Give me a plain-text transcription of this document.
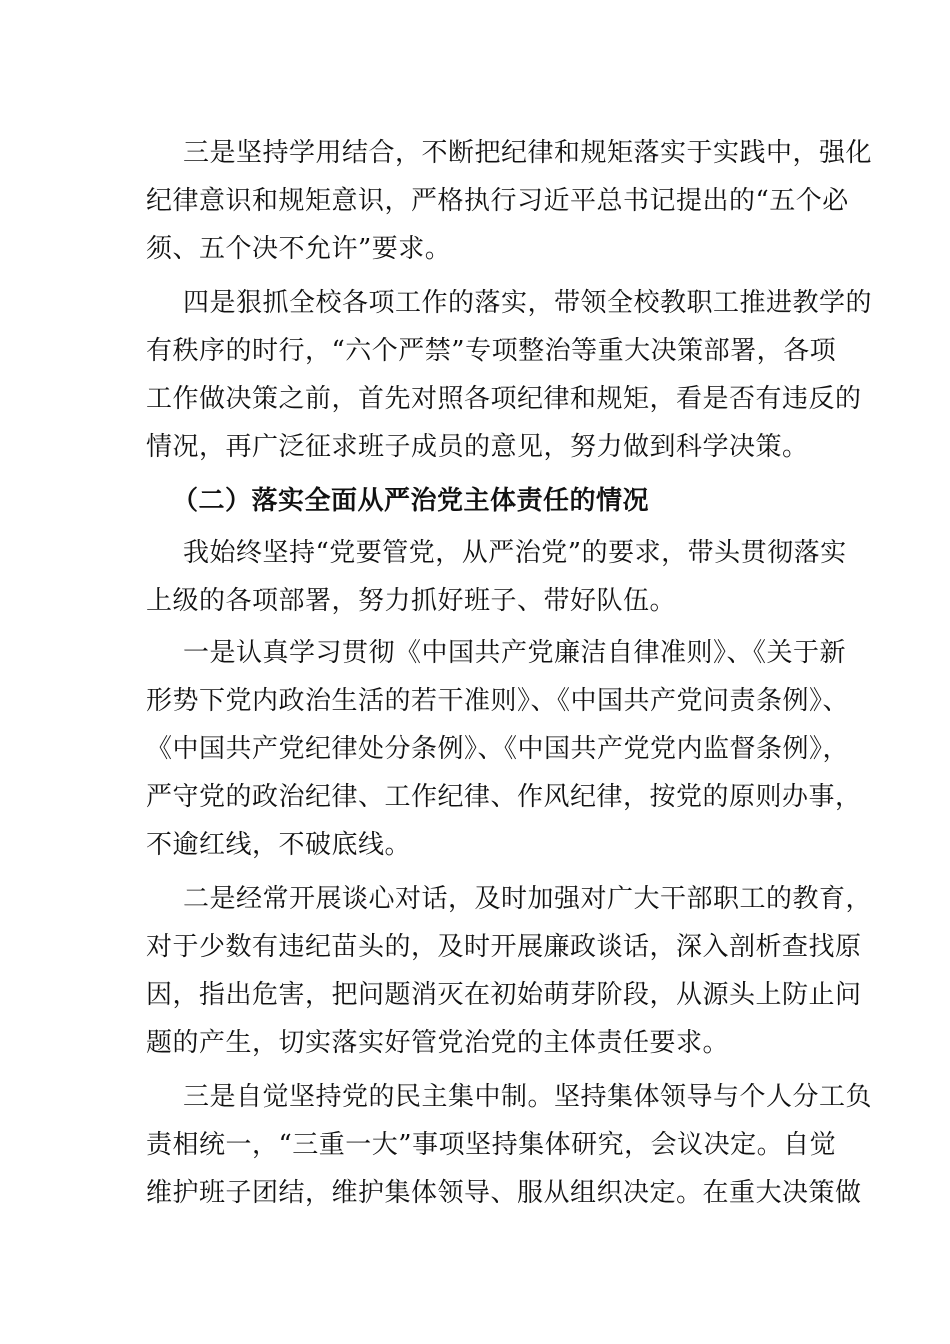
三是坚持学用结合，不断把纪律和规矩落实于实践中，强化
纪律意识和规矩意识，严格执行习近平总书记提出的“五个必
须、五个决不允许”要求。
四是狠抓全校各项工作的落实，带领全校教职工推进教学的
有秩序的时行，“六个严禁”专项整治等重大决策部署，各项
工作做决策之前，首先对照各项纪律和规矩，看是否有违反的
情况，再广泛征求班子成员的意见，努力做到科学决策。
（二）落实全面从严治党主体责任的情况
我始终坚持“党要管党，从严治党”的要求，带头贯彻落实
上级的各项部署，努力抓好班子、带好队伍。
一是认真学习贯彻《中国共产党廉洁自律准则》、《关于新
形势下党内政治生活的若干准则》、《中国共产党问责条例》、
《中国共产党纪律处分条例》、《中国共产党党内监督条例》，
严守党的政治纪律、工作纪律、作风纪律，按党的原则办事，
不逾红线，不破底线。
二是经常开展谈心对话，及时加强对广大干部职工的教育，
对于少数有违纪苗头的，及时开展廉政谈话，深入剖析查找原
因，指出危害，把问题消灭在初始萌芽阶段，从源头上防止问
题的产生，切实落实好管党治党的主体责任要求。
三是自觉坚持党的民主集中制。坚持集体领导与个人分工负
责相统一，“三重一大”事项坚持集体研究，会议决定。自觉
维护班子团结，维护集体领导、服从组织决定。在重大决策做
